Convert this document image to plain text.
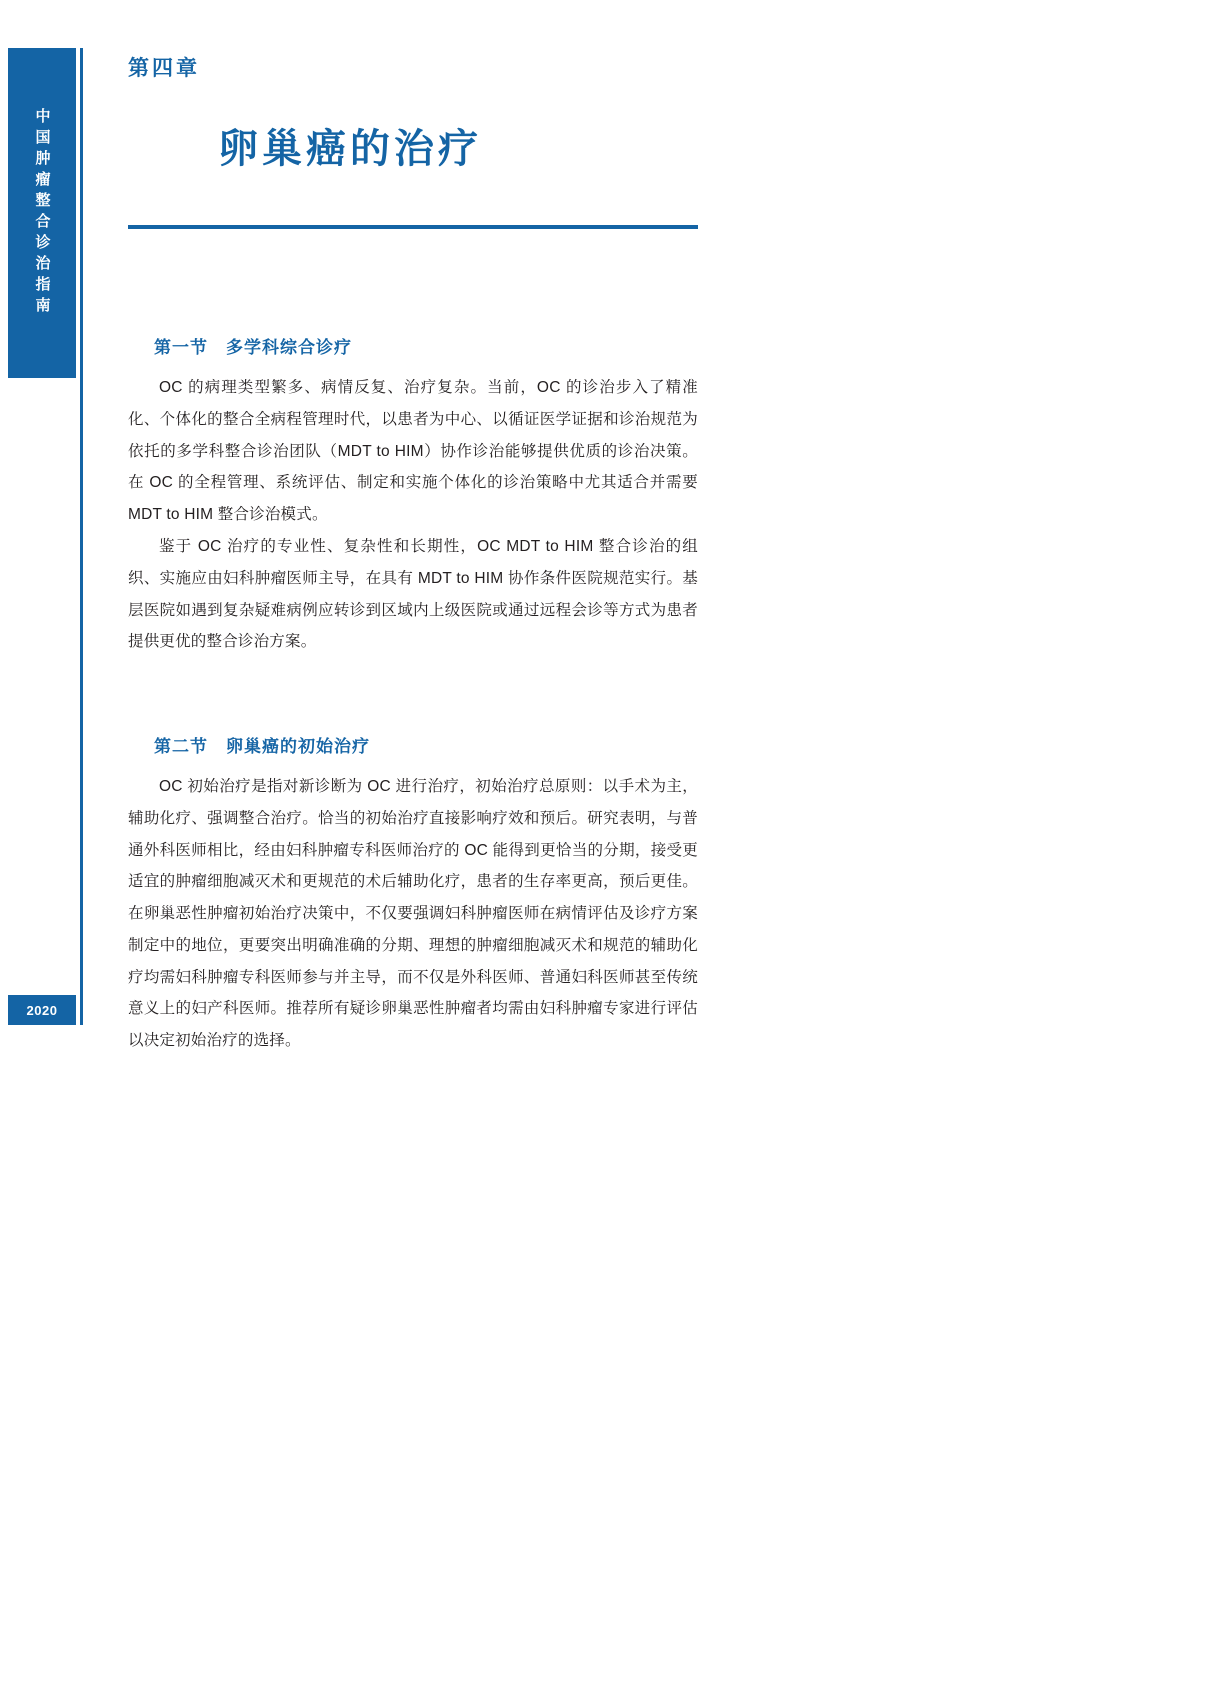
中国肿瘤整合诊治指南
2020
第四章
卵巢癌的治疗
第一节　多学科综合诊疗

OC 的病理类型繁多、病情反复、治疗复杂。当前，OC 的诊治步入了精准化、个体化的整合全病程管理时代，以患者为中心、以循证医学证据和诊治规范为依托的多学科整合诊治团队（MDT to HIM）协作诊治能够提供优质的诊治决策。在 OC 的全程管理、系统评估、制定和实施个体化的诊治策略中尤其适合并需要 MDT to HIM 整合诊治模式。

鉴于 OC 治疗的专业性、复杂性和长期性，OC MDT to HIM 整合诊治的组织、实施应由妇科肿瘤医师主导，在具有 MDT to HIM 协作条件医院规范实行。基层医院如遇到复杂疑难病例应转诊到区域内上级医院或通过远程会诊等方式为患者提供更优的整合诊治方案。

第二节　卵巢癌的初始治疗

OC 初始治疗是指对新诊断为 OC 进行治疗，初始治疗总原则：以手术为主，辅助化疗、强调整合治疗。恰当的初始治疗直接影响疗效和预后。研究表明，与普通外科医师相比，经由妇科肿瘤专科医师治疗的 OC 能得到更恰当的分期，接受更适宜的肿瘤细胞减灭术和更规范的术后辅助化疗，患者的生存率更高，预后更佳。在卵巢恶性肿瘤初始治疗决策中，不仅要强调妇科肿瘤医师在病情评估及诊疗方案制定中的地位，更要突出明确准确的分期、理想的肿瘤细胞减灭术和规范的辅助化疗均需妇科肿瘤专科医师参与并主导，而不仅是外科医师、普通妇科医师甚至传统意义上的妇产科医师。推荐所有疑诊卵巢恶性肿瘤者均需由妇科肿瘤专家进行评估以决定初始治疗的选择。
